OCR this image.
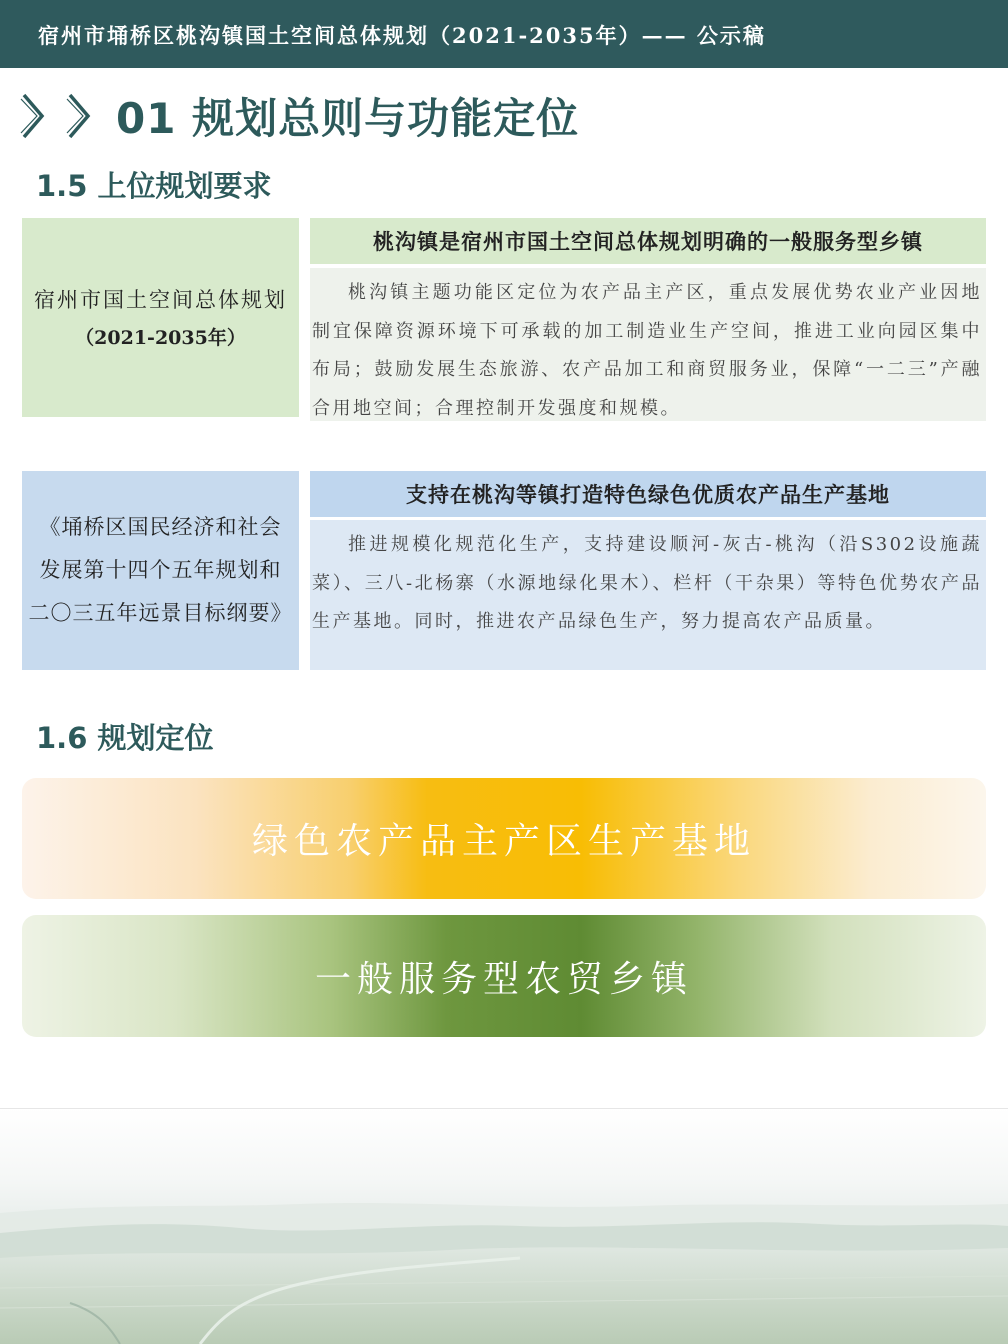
宿州市埇桥区桃沟镇国土空间总体规划（2021-2035年）—— 公示稿
01 规划总则与功能定位
1.5 上位规划要求
宿州市国土空间总体规划
（2021-2035年）
桃沟镇是宿州市国土空间总体规划明确的一般服务型乡镇
桃沟镇主题功能区定位为农产品主产区，重点发展优势农业产业因地制宜保障资源环境下可承载的加工制造业生产空间，推进工业向园区集中布局；鼓励发展生态旅游、农产品加工和商贸服务业，保障“一二三”产融合用地空间；合理控制开发强度和规模。
《埇桥区国民经济和社会
发展第十四个五年规划和
二〇三五年远景目标纲要》
支持在桃沟等镇打造特色绿色优质农产品生产基地
推进规模化规范化生产，支持建设顺河-灰古-桃沟（沿S302设施蔬菜）、三八-北杨寨（水源地绿化果木）、栏杆（干杂果）等特色优势农产品生产基地。同时，推进农产品绿色生产，努力提高农产品质量。
1.6 规划定位
绿色农产品主产区生产基地
一般服务型农贸乡镇
